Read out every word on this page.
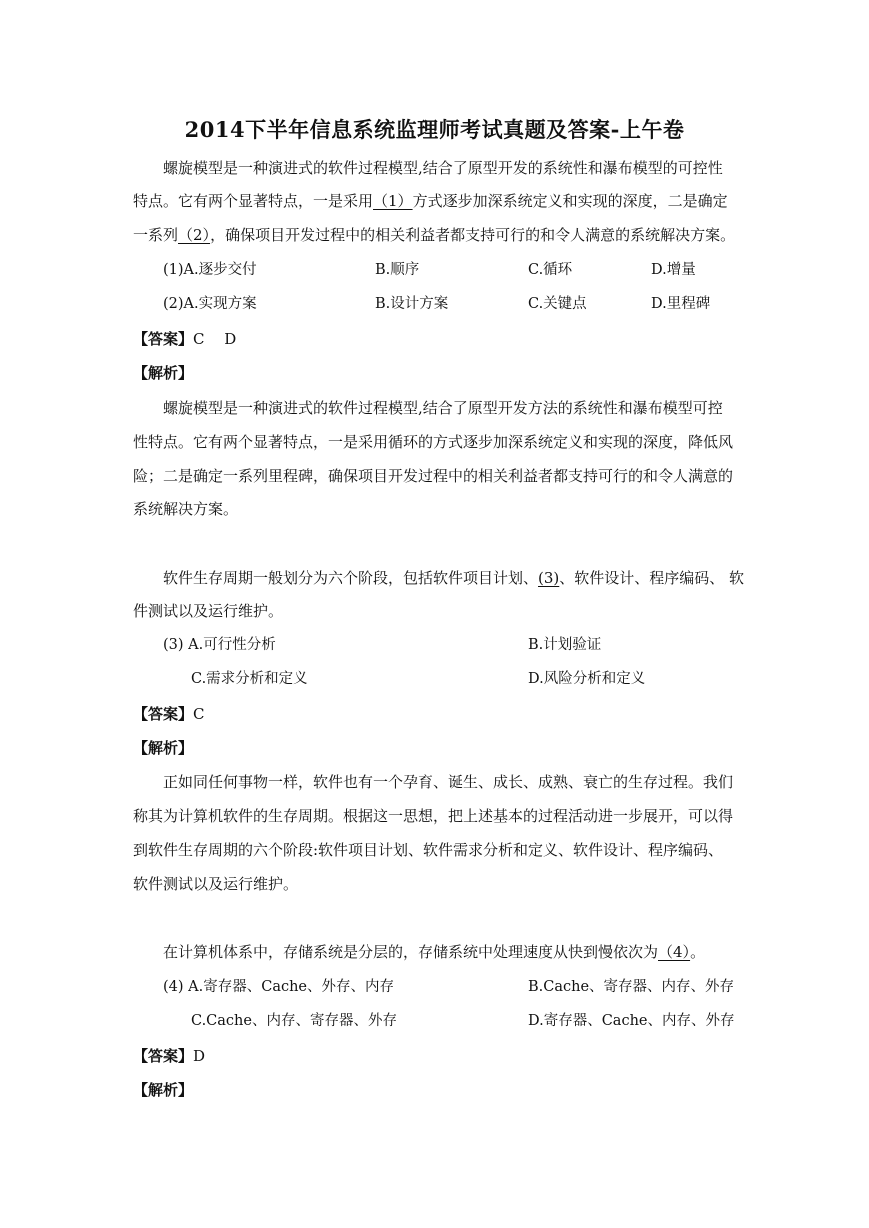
2014下半年信息系统监理师考试真题及答案-上午卷
螺旋模型是一种演进式的软件过程模型,结合了原型开发的系统性和瀑布模型的可控性
特点。它有两个显著特点，一是采用（1）方式逐步加深系统定义和实现的深度，二是确定
一系列（2），确保项目开发过程中的相关利益者都支持可行的和令人满意的系统解决方案。
(1)A.逐步交付	B.顺序	C.循环	D.增量
(2)A.实现方案	B.设计方案	C.关键点	D.里程碑
【答案】C　 D
【解析】
螺旋模型是一种演进式的软件过程模型,结合了原型开发方法的系统性和瀑布模型可控
性特点。它有两个显著特点，一是采用循环的方式逐步加深系统定义和实现的深度，降低风
险；二是确定一系列里程碑，确保项目开发过程中的相关利益者都支持可行的和令人满意的
系统解决方案。
软件生存周期一般划分为六个阶段，包括软件项目计划、(3)、软件设计、程序编码、 软
件测试以及运行维护。
(3) A.可行性分析	B.计划验证
C.需求分析和定义	D.风险分析和定义
【答案】C
【解析】
正如同任何事物一样，软件也有一个孕育、诞生、成长、成熟、衰亡的生存过程。我们
称其为计算机软件的生存周期。根据这一思想，把上述基本的过程活动进一步展开，可以得
到软件生存周期的六个阶段:软件项目计划、软件需求分析和定义、软件设计、程序编码、
软件测试以及运行维护。
在计算机体系中，存储系统是分层的，存储系统中处理速度从快到慢依次为（4）。
(4) A.寄存器、Cache、外存、内存	B.Cache、寄存器、内存、外存
C.Cache、内存、寄存器、外存	D.寄存器、Cache、内存、外存
【答案】D
【解析】
